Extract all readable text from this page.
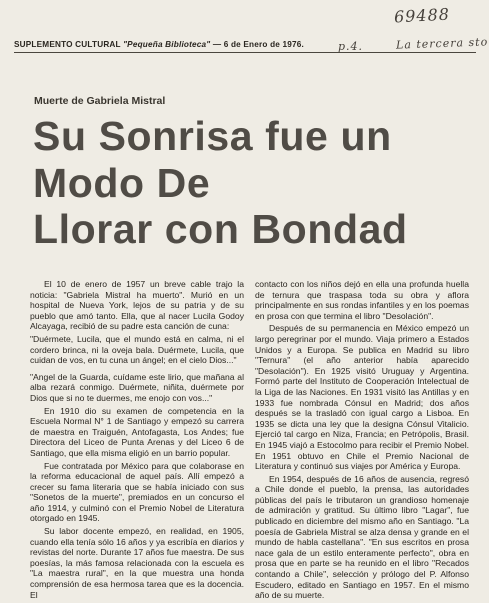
69488
p.4.	La tercera sto
SUPLEMENTO CULTURAL "Pequeña Biblioteca" — 6 de Enero de 1976.
Muerte de Gabriela Mistral
Su Sonrisa fue un
Modo De
Llorar con Bondad

El 10 de enero de 1957 un breve cable trajo la noticia: "Gabriela Mistral ha muerto". Murió en un hospital de Nueva York, lejos de su patria y de su pueblo que amó tanto. Ella, que al nacer Lucila Godoy Alcayaga, recibió de su padre esta canción de cuna:

"Duérmete, Lucila, que el mundo está en calma, ni el cordero brinca, ni la oveja bala. Duérmete, Lucila, que cuidan de vos, en tu cuna un ángel; en el cielo Dios..."

"Angel de la Guarda, cuídame este lirio, que mañana al alba rezará conmigo. Duérmete, niñita, duérmete por Dios que si no te duermes, me enojo con vos..."

En 1910 dio su examen de competencia en la Escuela Normal N° 1 de Santiago y empezó su carrera de maestra en Traiguén, Antofagasta, Los Andes; fue Directora del Liceo de Punta Arenas y del Liceo 6 de Santiago, que ella misma eligió en un barrio popular.

Fue contratada por México para que colaborase en la reforma educacional de aquel país. Allí empezó a crecer su fama literaria que se había iniciado con sus "Sonetos de la muerte", premiados en un concurso el año 1914, y culminó con el Premio Nobel de Literatura otorgado en 1945.

Su labor docente empezó, en realidad, en 1905, cuando ella tenía sólo 16 años y ya escribía en diarios y revistas del norte. Durante 17 años fue maestra. De sus poesías, la más famosa relacionada con la escuela es "La maestra rural", en la que muestra una honda comprensión de esa hermosa tarea que es la docencia. El

contacto con los niños dejó en ella una profunda huella de ternura que traspasa toda su obra y aflora principalmente en sus rondas infantiles y en los poemas en prosa con que termina el libro "Desolación".

Después de su permanencia en México empezó un largo peregrinar por el mundo. Viaja primero a Estados Unidos y a Europa. Se publica en Madrid su libro "Ternura" (el año anterior había aparecido "Desolación"). En 1925 visitó Uruguay y Argentina. Formó parte del Instituto de Cooperación Intelectual de la Liga de las Naciones. En 1931 visitó las Antillas y en 1933 fue nombrada Cónsul en Madrid; dos años después se la trasladó con igual cargo a Lisboa. En 1935 se dicta una ley que la designa Cónsul Vitalicio. Ejerció tal cargo en Niza, Francia; en Petrópolis, Brasil. En 1945 viajó a Estocolmo para recibir el Premio Nobel. En 1951 obtuvo en Chile el Premio Nacional de Literatura y continuó sus viajes por América y Europa.

En 1954, después de 16 años de ausencia, regresó a Chile donde el pueblo, la prensa, las autoridades públicas del país le tributaron un grandioso homenaje de admiración y gratitud. Su último libro "Lagar", fue publicado en diciembre del mismo año en Santiago. "La poesía de Gabriela Mistral se alza densa y grande en el mundo de habla castellana". "En sus escritos en prosa nace gala de un estilo enteramente perfecto", obra en prosa que en parte se ha reunido en el libro "Recados contando a Chile", selección y prólogo del P. Alfonso Escudero, editado en Santiago en 1957. En el mismo año de su muerte.
